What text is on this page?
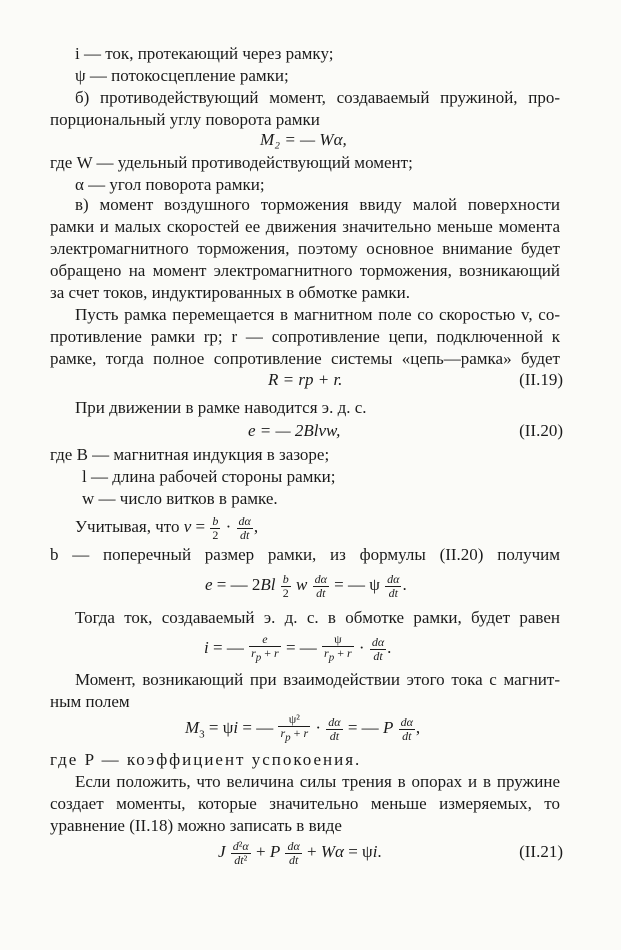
i — ток, протекающий через рамку;
ψ — потокосцепление рамки;
б) противодействующий момент, создаваемый пружиной, про-
порциональный углу поворота рамки
M₂ = — Wα,
где W — удельный противодействующий момент;
α — угол поворота рамки;
в) момент воздушного торможения ввиду малой поверхности
рамки и малых скоростей ее движения значительно меньше момента
электромагнитного торможения, поэтому основное внимание будет
обращено на момент электромагнитного торможения, возникающий
за счет токов, индуктированных в обмотке рамки.
Пусть рамка перемещается в магнитном поле со скоростью v, со-
противление рамки rp; r — сопротивление цепи, подключенной к
рамке, тогда полное сопротивление системы «цепь—рамка» будет
R = rp + r.	(II.19)
При движении в рамке наводится э. д. с.
e = — 2Blvw,	(II.20)
где B — магнитная индукция в зазоре;
l — длина рабочей стороны рамки;
w — число витков в рамке.
Учитывая, что $v = \frac{b}{2} \cdot \frac{d\alpha}{dt}$ ,
b — поперечный размер рамки, из формулы (II.20) получим
e = — $2Bl \frac{b}{2}$ w $\frac{d\alpha}{dt}$ = — ψ $\frac{d\alpha}{dt}$ .
Тогда ток, создаваемый э. д. с. в обмотке рамки, будет равен
i = — $\frac{e}{r_p + r}$ = — $\frac{\psi}{r_p + r} \cdot \frac{d\alpha}{dt}$ .
Момент, возникающий при взаимодействии этого тока с магнит-
ным полем
$M_3 = \psi i$ = — $\frac{\text{ψ²}}{r_p + r} \cdot \frac{d\alpha}{dt}$ = — P $\frac{d\alpha}{dt}$ ,
где P — коэффициент успокоения.
Если положить, что величина силы трения в опорах и в пружине
создает моменты, которые значительно меньше измеряемых, то
уравнение (II.18) можно записать в виде
J $\frac{\text{d²α}}{\text{dt²}} + P \frac{d\alpha}{dt} + W\alpha = \psi i$.	(II.21)
